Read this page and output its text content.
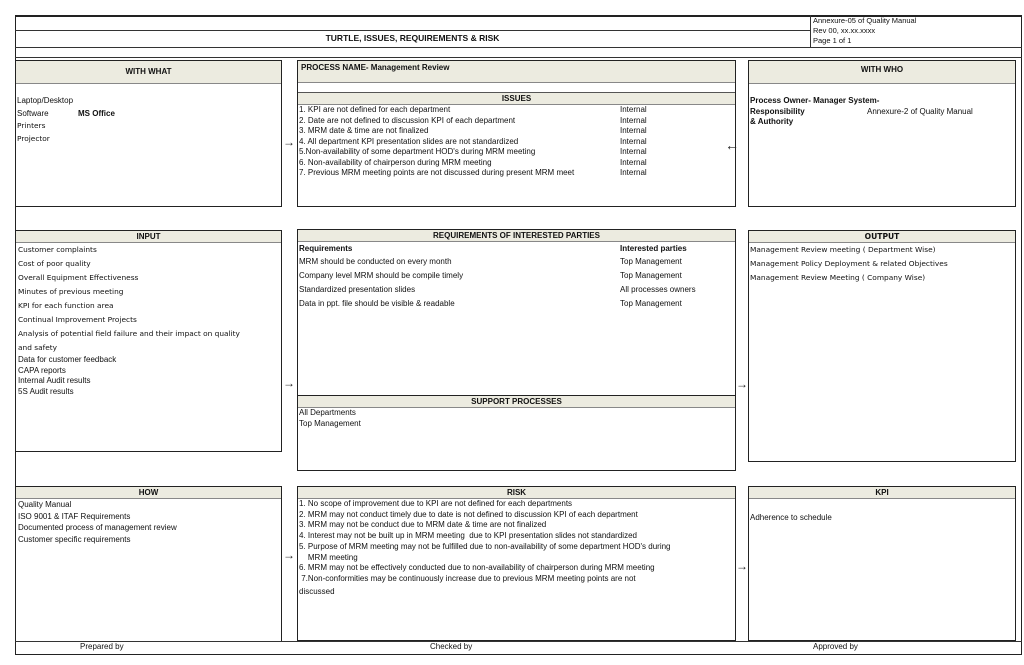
TURTLE, ISSUES, REQUIREMENTS & RISK
Annexure-05 of Quality Manual
Rev 00, xx.xx.xxxx
Page 1 of 1
WITH WHAT
Laptop/Desktop
Software	MS Office
Printers
Projector
PROCESS NAME- Management Review
ISSUES
1. KPI are not defined for each department	Internal
2. Date are not defined to discussion KPI of each department	Internal
3. MRM date & time are not finalized	Internal
4. All department KPI presentation slides are not standardized	Internal
5.Non-availability of some department HOD's during MRM meeting	Internal
6. Non-availability of chairperson during MRM meeting	Internal
7. Previous MRM meeting points are not discussed during present MRM meet	Internal
WITH WHO
Process Owner- Manager System-
Responsibility	Annexure-2 of Quality Manual
& Authority
INPUT
Customer complaints
Cost of poor quality
Overall Equipment Effectiveness
Minutes of previous meeting
KPI for each function area
Continual Improvement Projects
Analysis of potential field failure and their impact on quality
and safety
Data for customer feedback
CAPA reports
Internal Audit results
5S Audit results
REQUIREMENTS OF INTERESTED PARTIES
Requirements	Interested parties
MRM should be conducted on every month	Top Management
Company level MRM should be compile timely	Top Management
Standardized presentation slides	All processes owners
Data in ppt. file should be visible & readable	Top Management
SUPPORT PROCESSES
All Departments
Top Management
OUTPUT
Management Review meeting ( Department Wise)
Management Policy Deployment & related Objectives
Management Review Meeting ( Company Wise)
HOW
Quality Manual
ISO 9001 & ITAF Requirements
Documented process of management review
Customer specific requirements
RISK
1. No scope of improvement due to KPI are not defined for each departments
2. MRM may not conduct timely due to date is not defined to discussion KPI of each department
3. MRM may not be conduct due to MRM date & time are not finalized
4. Interest may not be built up in MRM meeting  due to KPI presentation slides not standardized
5. Purpose of MRM meeting may not be fulfilled due to non-availability of some department HOD's during
MRM meeting
6. MRM may not be effectively conducted due to non-availability of chairperson during MRM meeting
7.Non-conformities may be continuously increase due to previous MRM meeting points are not
discussed
KPI
Adherence to schedule
→	←
→	→
→
→
Prepared by	Checked by	Approved by
